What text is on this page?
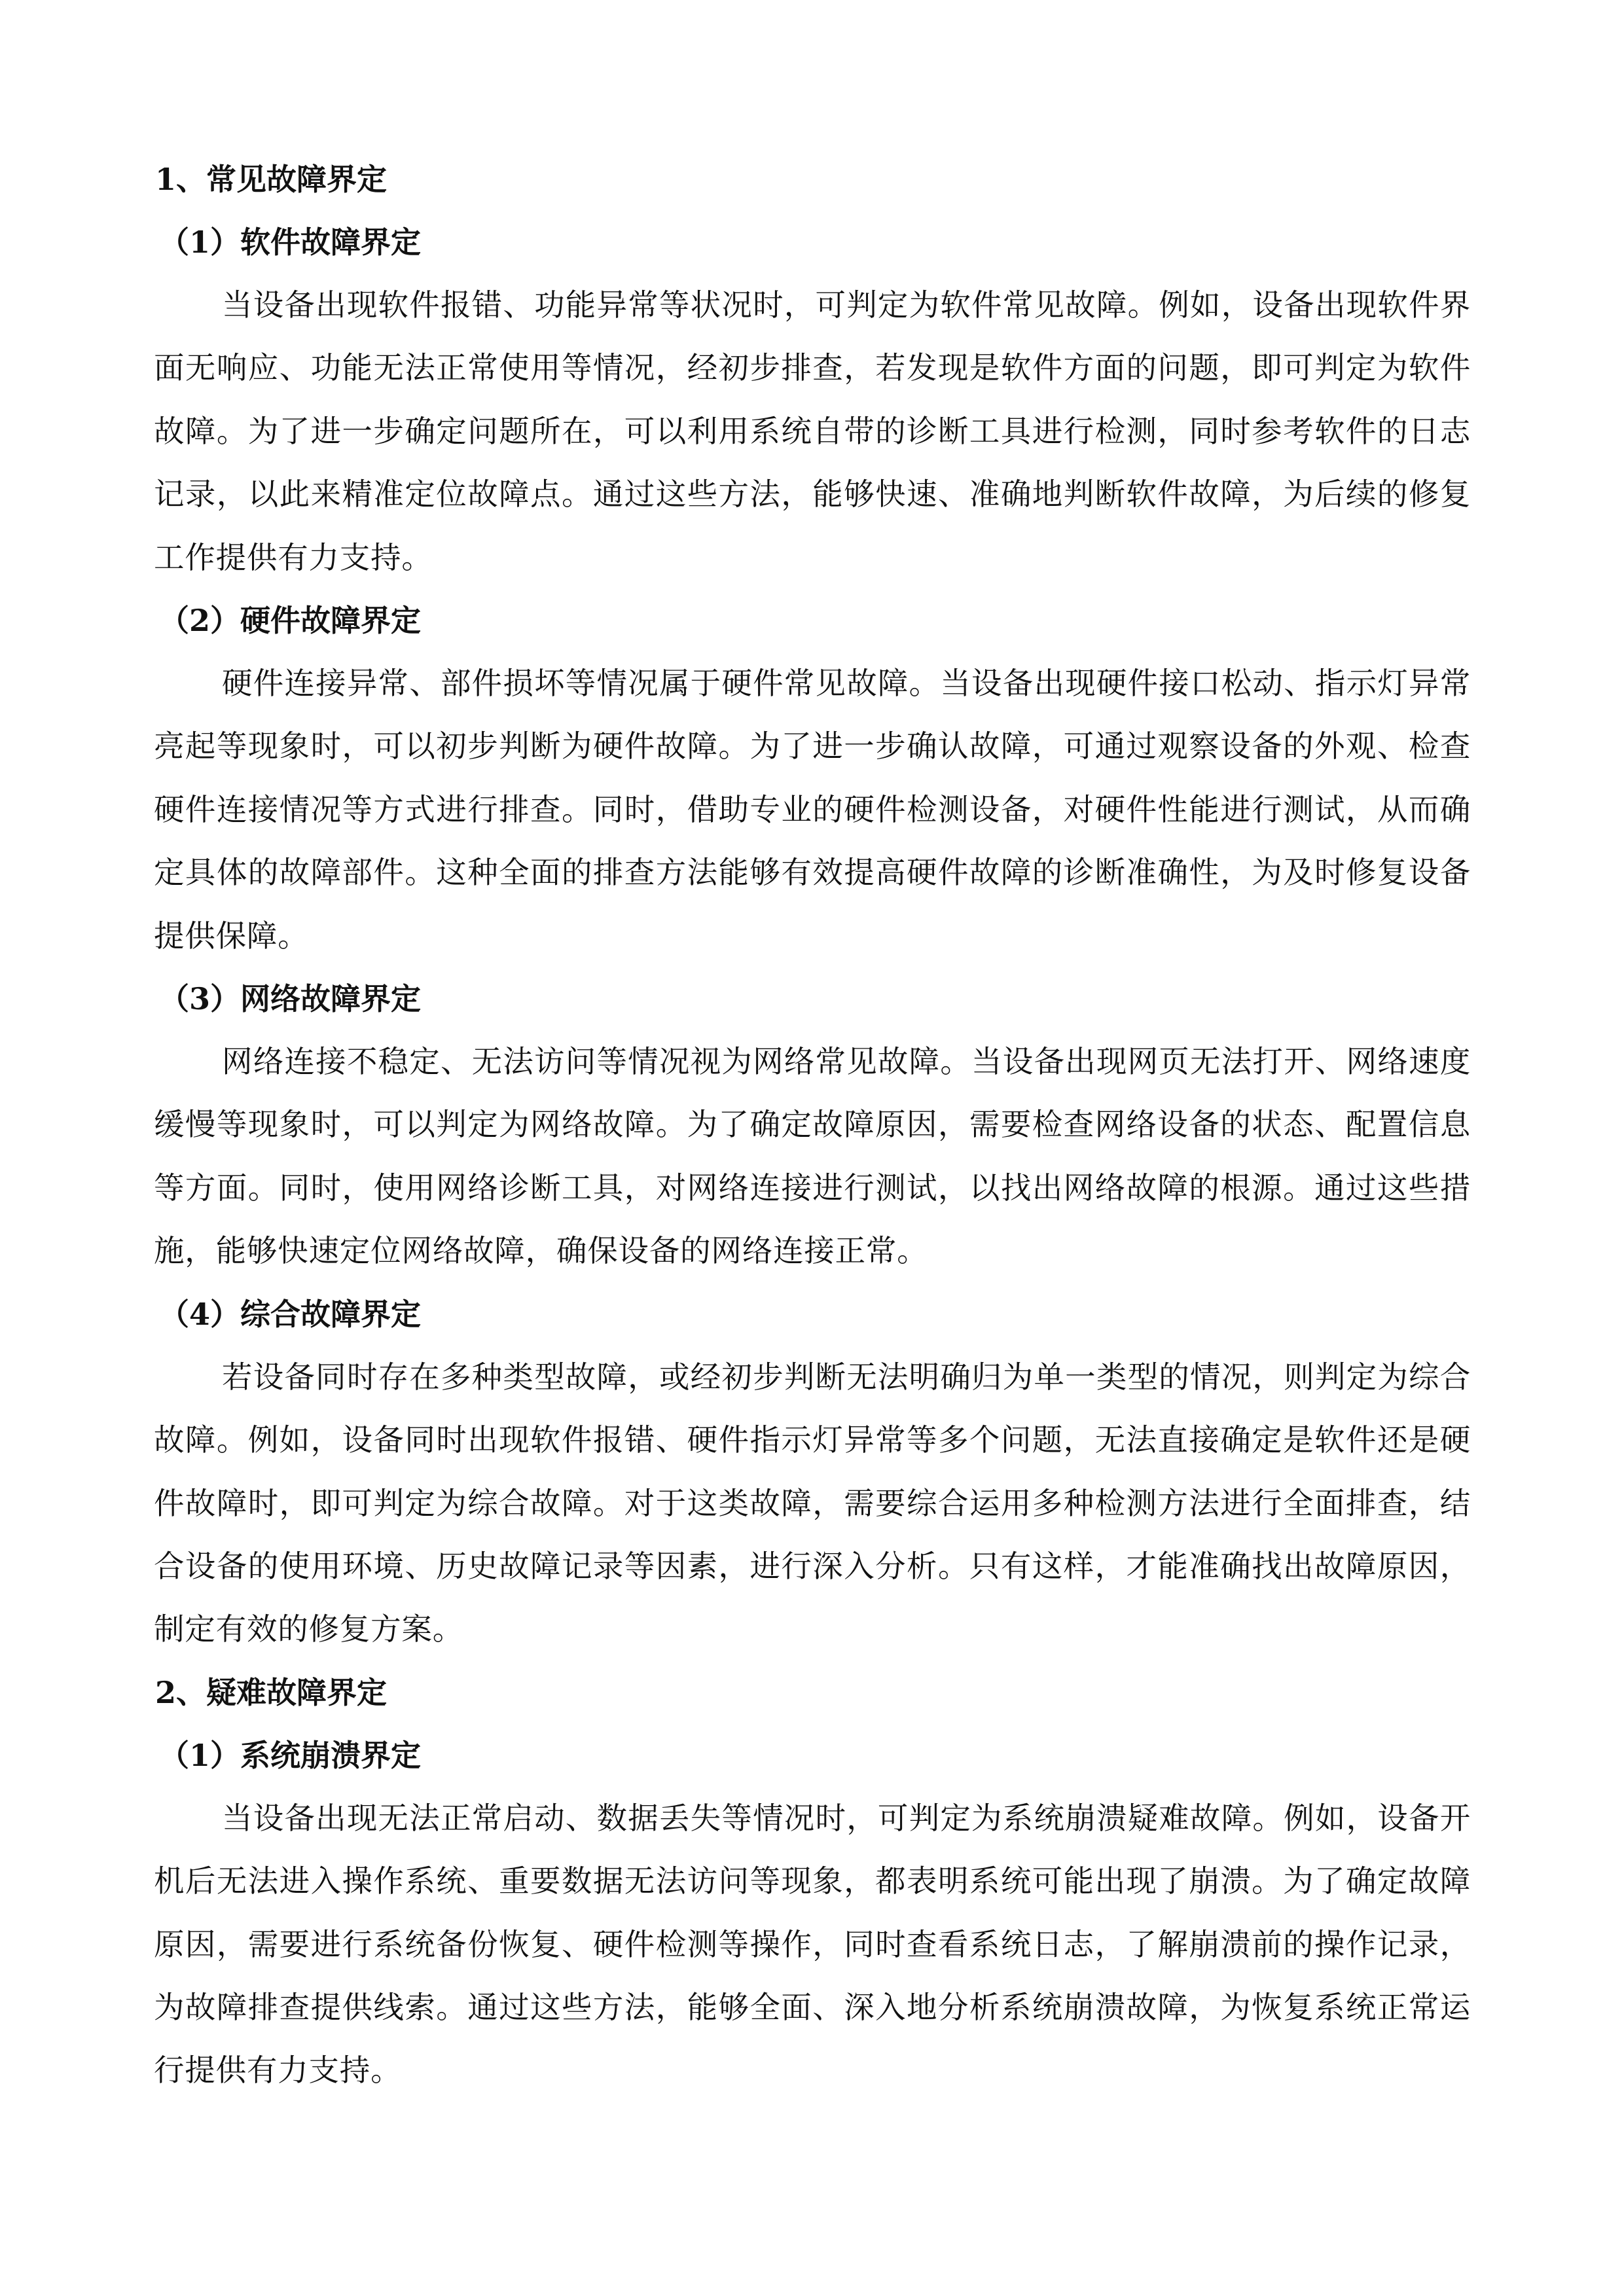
1、常见故障界定
（1）软件故障界定

当设备出现软件报错、功能异常等状况时，可判定为软件常见故障。例如，设备出现软件界面无响应、功能无法正常使用等情况，经初步排查，若发现是软件方面的问题，即可判定为软件故障。为了进一步确定问题所在，可以利用系统自带的诊断工具进行检测，同时参考软件的日志记录，以此来精准定位故障点。通过这些方法，能够快速、准确地判断软件故障，为后续的修复工作提供有力支持。

（2）硬件故障界定

硬件连接异常、部件损坏等情况属于硬件常见故障。当设备出现硬件接口松动、指示灯异常亮起等现象时，可以初步判断为硬件故障。为了进一步确认故障，可通过观察设备的外观、检查硬件连接情况等方式进行排查。同时，借助专业的硬件检测设备，对硬件性能进行测试，从而确定具体的故障部件。这种全面的排查方法能够有效提高硬件故障的诊断准确性，为及时修复设备提供保障。

（3）网络故障界定

网络连接不稳定、无法访问等情况视为网络常见故障。当设备出现网页无法打开、网络速度缓慢等现象时，可以判定为网络故障。为了确定故障原因，需要检查网络设备的状态、配置信息等方面。同时，使用网络诊断工具，对网络连接进行测试，以找出网络故障的根源。通过这些措施，能够快速定位网络故障，确保设备的网络连接正常。

（4）综合故障界定

若设备同时存在多种类型故障，或经初步判断无法明确归为单一类型的情况，则判定为综合故障。例如，设备同时出现软件报错、硬件指示灯异常等多个问题，无法直接确定是软件还是硬件故障时，即可判定为综合故障。对于这类故障，需要综合运用多种检测方法进行全面排查，结合设备的使用环境、历史故障记录等因素，进行深入分析。只有这样，才能准确找出故障原因，制定有效的修复方案。

2、疑难故障界定
（1）系统崩溃界定

当设备出现无法正常启动、数据丢失等情况时，可判定为系统崩溃疑难故障。例如，设备开机后无法进入操作系统、重要数据无法访问等现象，都表明系统可能出现了崩溃。为了确定故障原因，需要进行系统备份恢复、硬件检测等操作，同时查看系统日志，了解崩溃前的操作记录，为故障排查提供线索。通过这些方法，能够全面、深入地分析系统崩溃故障，为恢复系统正常运行提供有力支持。
